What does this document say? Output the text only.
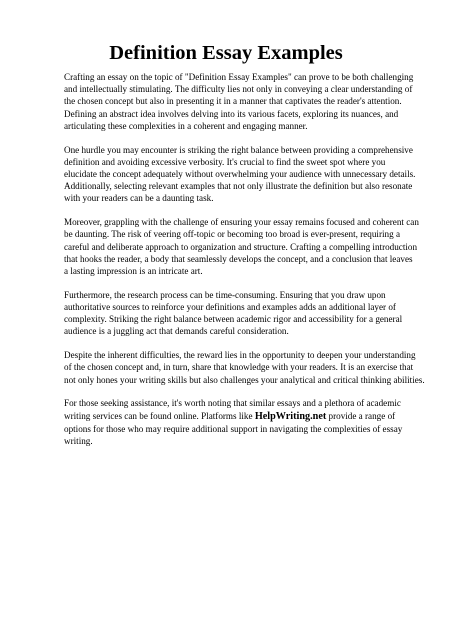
Definition Essay Examples

Crafting an essay on the topic of "Definition Essay Examples" can prove to be both challenging
and intellectually stimulating. The difficulty lies not only in conveying a clear understanding of
the chosen concept but also in presenting it in a manner that captivates the reader's attention.
Defining an abstract idea involves delving into its various facets, exploring its nuances, and
articulating these complexities in a coherent and engaging manner.

One hurdle you may encounter is striking the right balance between providing a comprehensive
definition and avoiding excessive verbosity. It's crucial to find the sweet spot where you
elucidate the concept adequately without overwhelming your audience with unnecessary details.
Additionally, selecting relevant examples that not only illustrate the definition but also resonate
with your readers can be a daunting task.

Moreover, grappling with the challenge of ensuring your essay remains focused and coherent can
be daunting. The risk of veering off-topic or becoming too broad is ever-present, requiring a
careful and deliberate approach to organization and structure. Crafting a compelling introduction
that hooks the reader, a body that seamlessly develops the concept, and a conclusion that leaves
a lasting impression is an intricate art.

Furthermore, the research process can be time-consuming. Ensuring that you draw upon
authoritative sources to reinforce your definitions and examples adds an additional layer of
complexity. Striking the right balance between academic rigor and accessibility for a general
audience is a juggling act that demands careful consideration.

Despite the inherent difficulties, the reward lies in the opportunity to deepen your understanding
of the chosen concept and, in turn, share that knowledge with your readers. It is an exercise that
not only hones your writing skills but also challenges your analytical and critical thinking abilities.

For those seeking assistance, it's worth noting that similar essays and a plethora of academic
writing services can be found online. Platforms like HelpWriting.net provide a range of
options for those who may require additional support in navigating the complexities of essay
writing.
